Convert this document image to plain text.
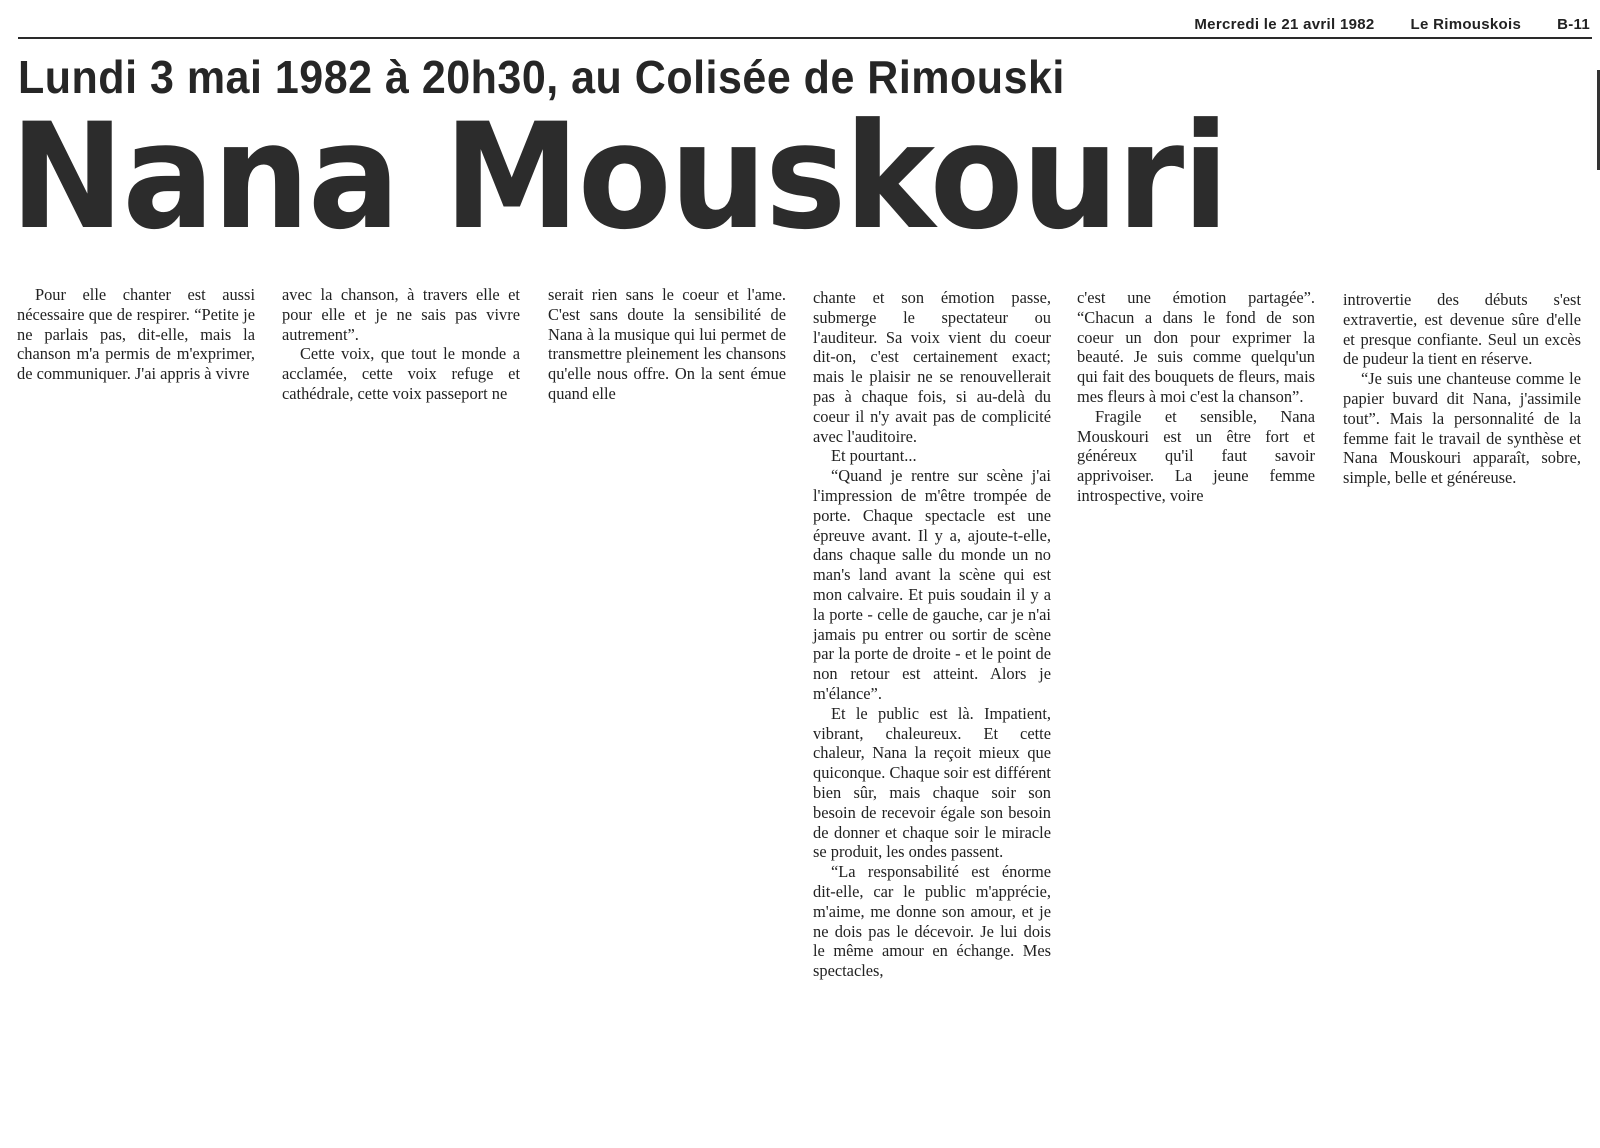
Mercredi le 21 avril 1982 Le Rimouskois B-11
Lundi 3 mai 1982 à 20h30, au Colisée de Rimouski
Nana Mouskouri

Pour elle chanter est aussi nécessaire que de respirer. “Petite je ne parlais pas, dit-elle, mais la chanson m'a permis de m'exprimer, de communiquer. J'ai appris à vivre

avec la chanson, à travers elle et pour elle et je ne sais pas vivre autrement”.

Cette voix, que tout le monde a acclamée, cette voix refuge et cathédrale, cette voix passeport ne

serait rien sans le coeur et l'ame. C'est sans doute la sensibilité de Nana à la musique qui lui permet de transmettre pleinement les chansons qu'elle nous offre. On la sent émue quand elle

chante et son émotion passe, submerge le spectateur ou l'auditeur. Sa voix vient du coeur dit-on, c'est certainement exact; mais le plaisir ne se renouvellerait pas à chaque fois, si au-delà du coeur il n'y avait pas de complicité avec l'auditoire.

Et pourtant...

“Quand je rentre sur scène j'ai l'impression de m'être trompée de porte. Chaque spectacle est une épreuve avant. Il y a, ajoute-t-elle, dans chaque salle du monde un no man's land avant la scène qui est mon calvaire. Et puis soudain il y a la porte - celle de gauche, car je n'ai jamais pu entrer ou sortir de scène par la porte de droite - et le point de non retour est atteint. Alors je m'élance”.

Et le public est là. Impatient, vibrant, chaleureux. Et cette chaleur, Nana la reçoit mieux que quiconque. Chaque soir est différent bien sûr, mais chaque soir son besoin de recevoir égale son besoin de donner et chaque soir le miracle se produit, les ondes passent.

“La responsabilité est énorme dit-elle, car le public m'apprécie, m'aime, me donne son amour, et je ne dois pas le décevoir. Je lui dois le même amour en échange. Mes spectacles,

c'est une émotion partagée”. “Chacun a dans le fond de son coeur un don pour exprimer la beauté. Je suis comme quelqu'un qui fait des bouquets de fleurs, mais mes fleurs à moi c'est la chanson”.

Fragile et sensible, Nana Mouskouri est un être fort et généreux qu'il faut savoir apprivoiser. La jeune femme introspective, voire

introvertie des débuts s'est extravertie, est devenue sûre d'elle et presque confiante. Seul un excès de pudeur la tient en réserve.

“Je suis une chanteuse comme le papier buvard dit Nana, j'assimile tout”. Mais la personnalité de la femme fait le travail de synthèse et Nana Mouskouri apparaît, sobre, simple, belle et généreuse.
